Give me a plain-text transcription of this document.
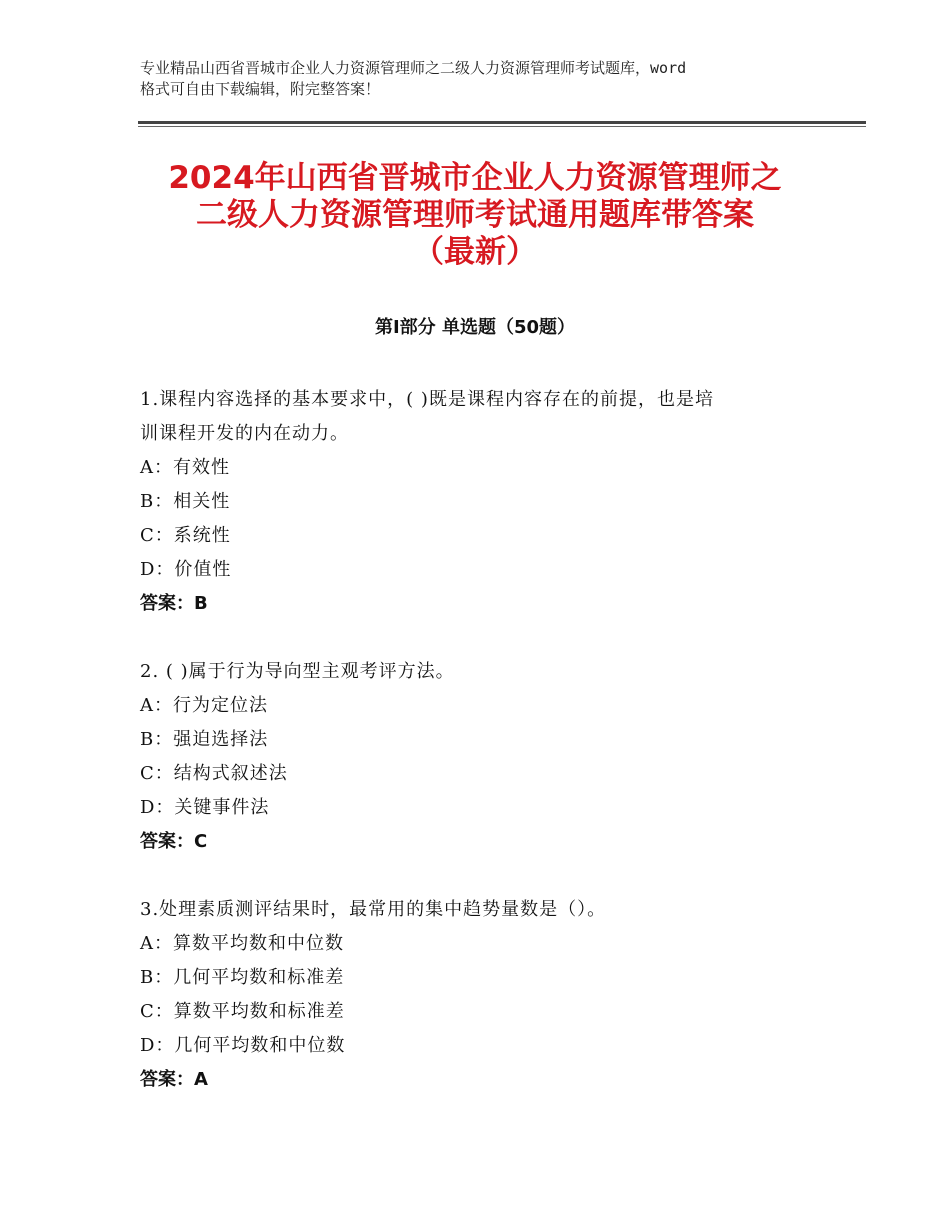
专业精品山西省晋城市企业人力资源管理师之二级人力资源管理师考试题库，word
格式可自由下载编辑，附完整答案！
2024年山西省晋城市企业人力资源管理师之
二级人力资源管理师考试通用题库带答案
（最新）
第Ⅰ部分 单选题（50题）
1.课程内容选择的基本要求中，( )既是课程内容存在的前提，也是培
训课程开发的内在动力。
A：有效性
B：相关性
C：系统性
D：价值性
答案：B
2. ( )属于行为导向型主观考评方法。
A：行为定位法
B：强迫选择法
C：结构式叙述法
D：关键事件法
答案：C
3.处理素质测评结果时，最常用的集中趋势量数是（）。
A：算数平均数和中位数
B：几何平均数和标准差
C：算数平均数和标准差
D：几何平均数和中位数
答案：A
